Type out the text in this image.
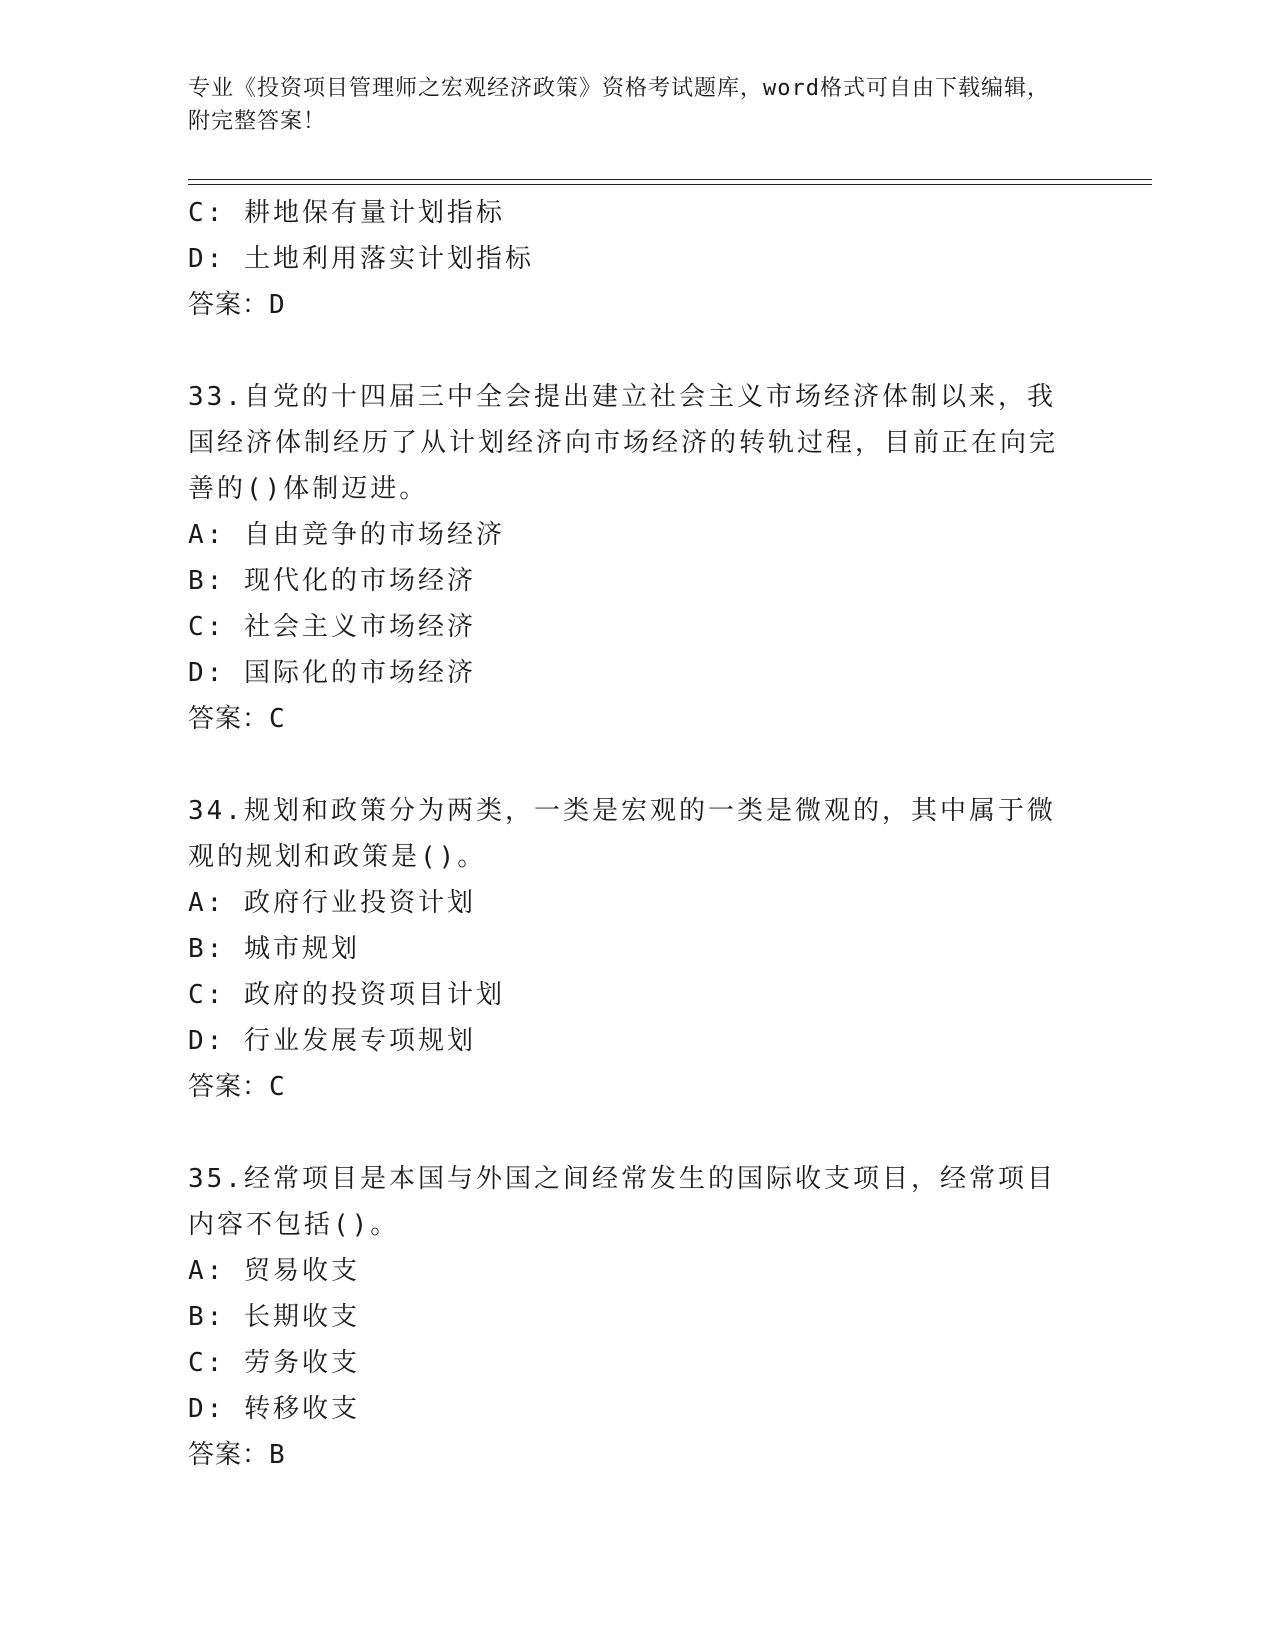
专业《投资项目管理师之宏观经济政策》资格考试题库，word格式可自由下载编辑，附完整答案！
C: 耕地保有量计划指标
D: 土地利用落实计划指标
答案：D
33.自党的十四届三中全会提出建立社会主义市场经济体制以来，我国经济体制经历了从计划经济向市场经济的转轨过程，目前正在向完善的()体制迈进。
A: 自由竞争的市场经济
B: 现代化的市场经济
C: 社会主义市场经济
D: 国际化的市场经济
答案：C
34.规划和政策分为两类，一类是宏观的一类是微观的，其中属于微观的规划和政策是()。
A: 政府行业投资计划
B: 城市规划
C: 政府的投资项目计划
D: 行业发展专项规划
答案：C
35.经常项目是本国与外国之间经常发生的国际收支项目，经常项目内容不包括()。
A: 贸易收支
B: 长期收支
C: 劳务收支
D: 转移收支
答案：B
